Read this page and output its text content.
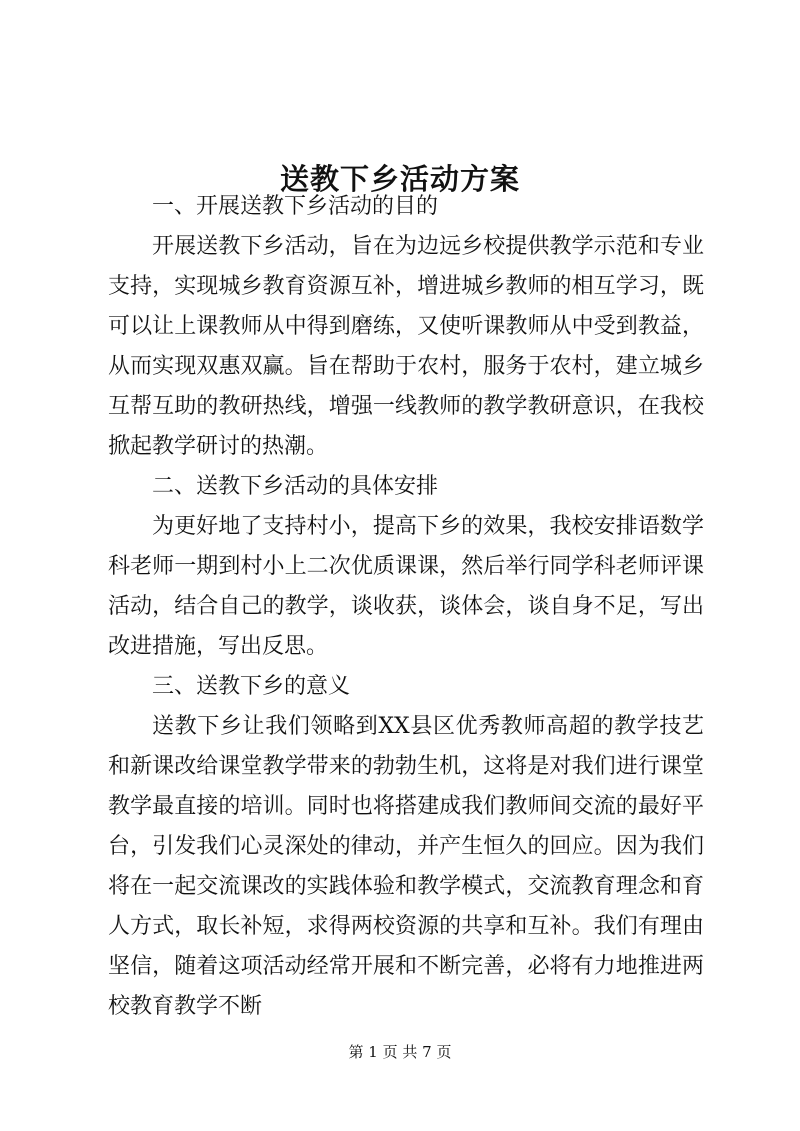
送教下乡活动方案

一、开展送教下乡活动的目的

开展送教下乡活动，旨在为边远乡校提供教学示范和专业支持，实现城乡教育资源互补，增进城乡教师的相互学习，既可以让上课教师从中得到磨练，又使听课教师从中受到教益，从而实现双惠双赢。旨在帮助于农村，服务于农村，建立城乡互帮互助的教研热线，增强一线教师的教学教研意识，在我校掀起教学研讨的热潮。

二、送教下乡活动的具体安排

为更好地了支持村小，提高下乡的效果，我校安排语数学科老师一期到村小上二次优质课课，然后举行同学科老师评课活动，结合自己的教学，谈收获，谈体会，谈自身不足，写出改进措施，写出反思。

三、送教下乡的意义

送教下乡让我们领略到XX县区优秀教师高超的教学技艺和新课改给课堂教学带来的勃勃生机，这将是对我们进行课堂教学最直接的培训。同时也将搭建成我们教师间交流的最好平台，引发我们心灵深处的律动，并产生恒久的回应。因为我们将在一起交流课改的实践体验和教学模式，交流教育理念和育人方式，取长补短，求得两校资源的共享和互补。我们有理由坚信，随着这项活动经常开展和不断完善，必将有力地推进两校教育教学不断

第 1 页 共 7 页
